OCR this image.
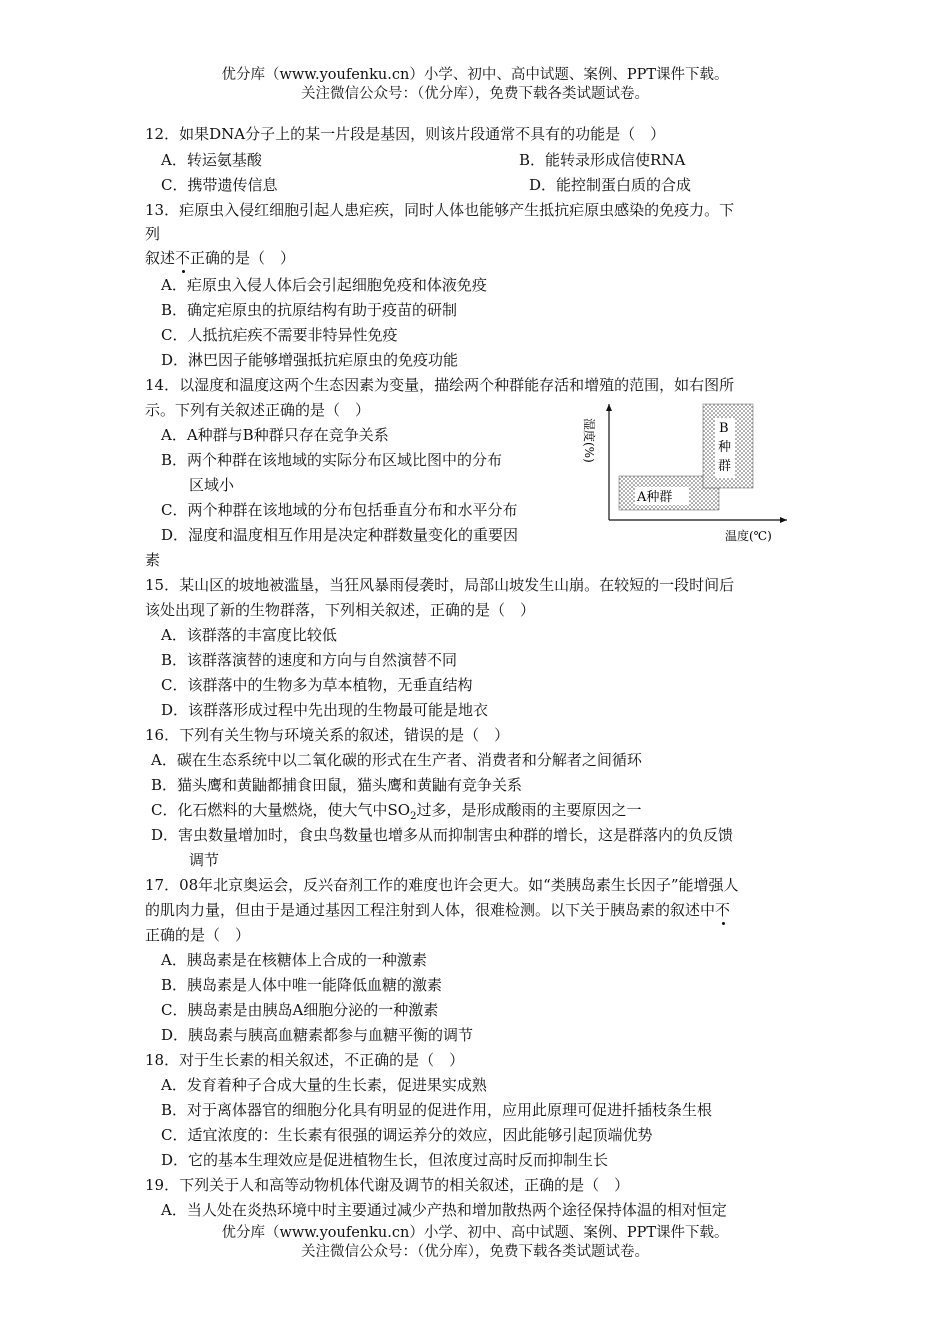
优分库（www.youfenku.cn）小学、初中、高中试题、案例、PPT课件下载。
关注微信公众号：（优分库），免费下载各类试题试卷。
12．如果DNA分子上的某一片段是基因，则该片段通常不具有的功能是（　）
A．转运氨基酸	B．能转录形成信使RNA
C．携带遗传信息	D．能控制蛋白质的合成
13．疟原虫入侵红细胞引起人患疟疾，同时人体也能够产生抵抗疟原虫感染的免疫力。下
列
叙述不正确的是（　）
A．疟原虫入侵人体后会引起细胞免疫和体液免疫
B．确定疟原虫的抗原结构有助于疫苗的研制
C．人抵抗疟疾不需要非特异性免疫
D．淋巴因子能够增强抵抗疟原虫的免疫功能
14．以湿度和温度这两个生态因素为变量，描绘两个种群能存活和增殖的范围，如右图所
示。下列有关叙述正确的是（　）
A．A种群与B种群只存在竞争关系
B．两个种群在该地域的实际分布区域比图中的分布
区域小
C．两个种群在该地域的分布包括垂直分布和水平分布
D．湿度和温度相互作用是决定种群数量变化的重要因
素
A种群
B
种
群
湿度(%)
温度(℃)
15．某山区的坡地被滥垦，当狂风暴雨侵袭时，局部山坡发生山崩。在较短的一段时间后
该处出现了新的生物群落，下列相关叙述，正确的是（　）
A．该群落的丰富度比较低
B．该群落演替的速度和方向与自然演替不同
C．该群落中的生物多为草本植物，无垂直结构
D．该群落形成过程中先出现的生物最可能是地衣
16．下列有关生物与环境关系的叙述，错误的是（　）
A．碳在生态系统中以二氧化碳的形式在生产者、消费者和分解者之间循环
B．猫头鹰和黄鼬都捕食田鼠，猫头鹰和黄鼬有竞争关系
C．化石燃料的大量燃烧，使大气中$SO_2$过多，是形成酸雨的主要原因之一
D．害虫数量增加时，食虫鸟数量也增多从而抑制害虫种群的增长，这是群落内的负反馈
调节
17．08年北京奥运会，反兴奋剂工作的难度也许会更大。如“类胰岛素生长因子”能增强人
的肌肉力量，但由于是通过基因工程注射到人体，很难检测。以下关于胰岛素的叙述中不
正确的是（　）
A．胰岛素是在核糖体上合成的一种激素
B．胰岛素是人体中唯一能降低血糖的激素
C．胰岛素是由胰岛A细胞分泌的一种激素
D．胰岛素与胰高血糖素都参与血糖平衡的调节
18．对于生长素的相关叙述，不正确的是（　）
A．发育着种子合成大量的生长素，促进果实成熟
B．对于离体器官的细胞分化具有明显的促进作用，应用此原理可促进扦插枝条生根
C．适宜浓度的：生长素有很强的调运养分的效应，因此能够引起顶端优势
D．它的基本生理效应是促进植物生长，但浓度过高时反而抑制生长
19．下列关于人和高等动物机体代谢及调节的相关叙述，正确的是（　）
A．当人处在炎热环境中时主要通过减少产热和增加散热两个途径保持体温的相对恒定
优分库（www.youfenku.cn）小学、初中、高中试题、案例、PPT课件下载。
关注微信公众号：（优分库），免费下载各类试题试卷。
